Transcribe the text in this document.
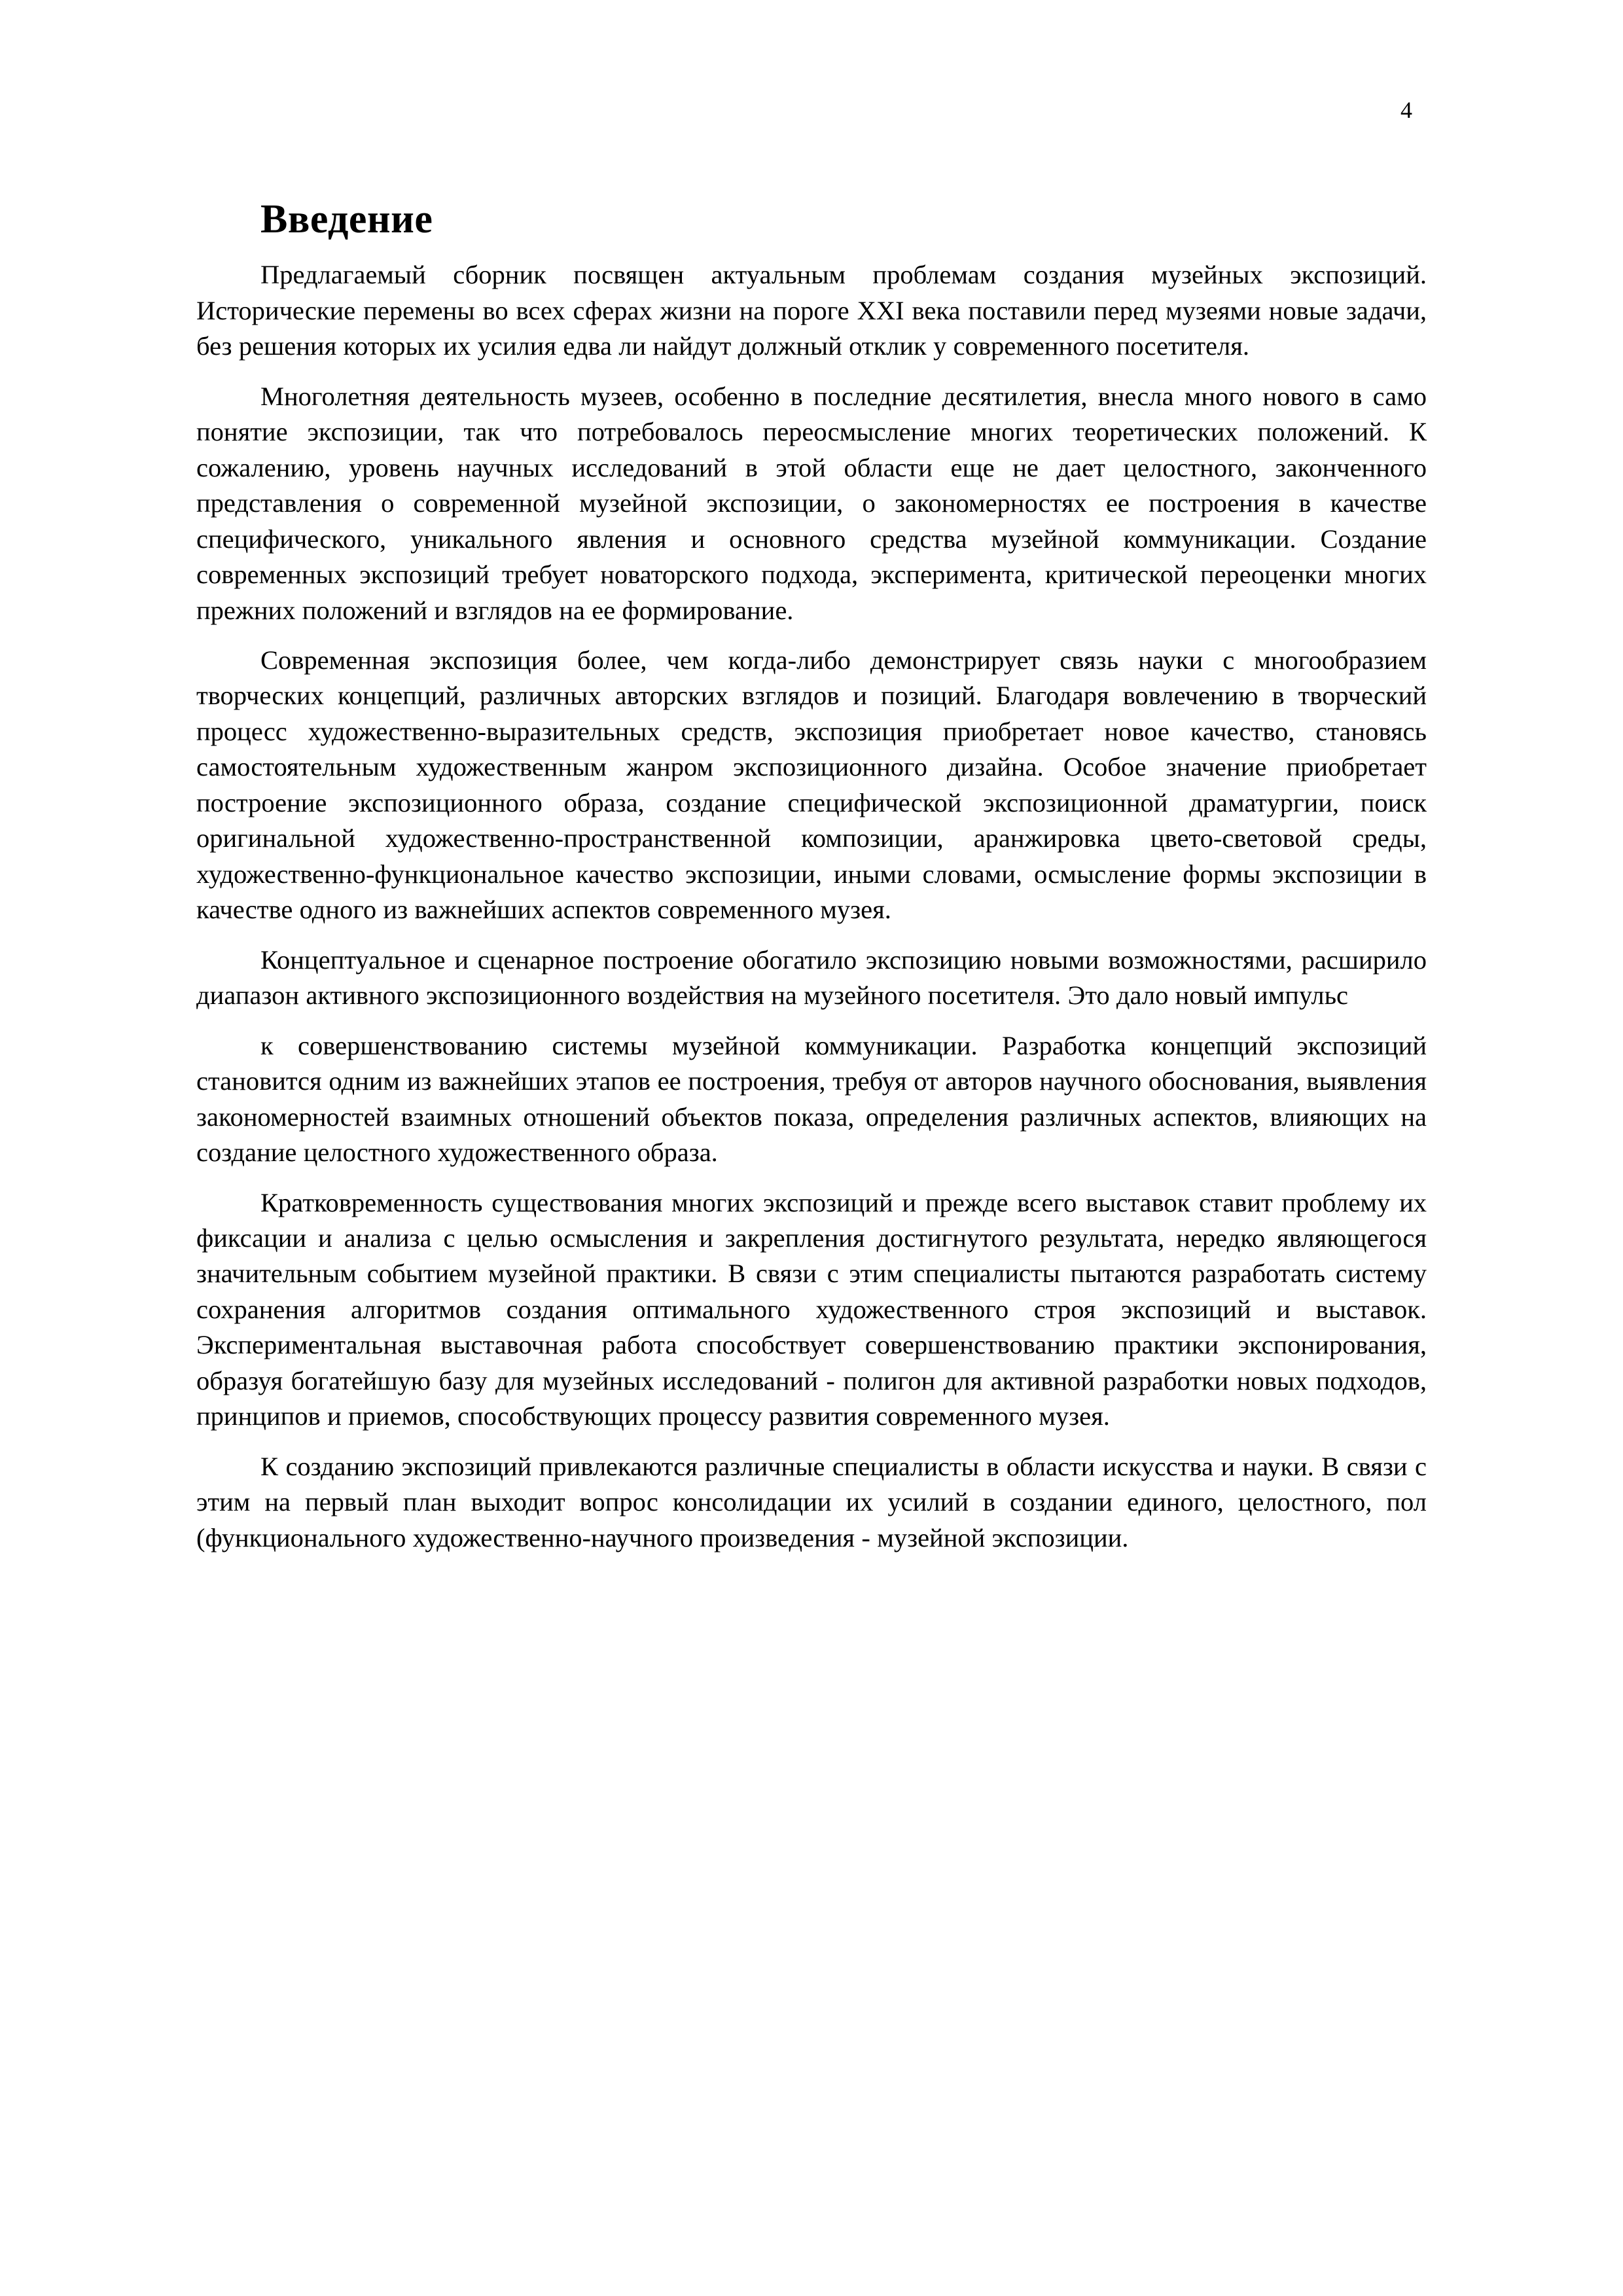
4
Введение

Предлагаемый сборник посвящен актуальным проблемам создания музейных экспозиций. Исторические перемены во всех сферах жизни на пороге XXI века поставили перед музеями новые задачи, без решения которых их усилия едва ли найдут должный отклик у современного посетителя.

Многолетняя деятельность музеев, особенно в последние десятилетия, внесла много нового в само понятие экспозиции, так что потребовалось переосмысление многих теоретических положений. К сожалению, уровень научных исследований в этой области еще не дает целостного, законченного представления о современной музейной экспозиции, о закономерностях ее построения в качестве специфического, уникального явления и основного средства музейной коммуникации. Создание современных экспозиций требует новаторского подхода, эксперимента, критической переоценки многих прежних положений и взглядов на ее формирование.

Современная экспозиция более, чем когда-либо демонстрирует связь науки с многообразием творческих концепций, различных авторских взглядов и позиций. Благодаря вовлечению в творческий процесс художественно-выразительных средств, экспозиция приобретает новое качество, становясь самостоятельным художественным жанром экспозиционного дизайна. Особое значение приобретает построение экспозиционного образа, создание специфической экспозиционной драматургии, поиск оригинальной художественно-пространственной композиции, аранжировка цвето-световой среды, художественно-функциональное качество экспозиции, иными словами, осмысление формы экспозиции в качестве одного из важнейших аспектов современного музея.

Концептуальное и сценарное построение обогатило экспозицию новыми возможностями, расширило диапазон активного экспозиционного воздействия на музейного посетителя. Это дало новый импульс

к совершенствованию системы музейной коммуникации. Разработка концепций экспозиций становится одним из важнейших этапов ее построения, требуя от авторов научного обоснования, выявления закономерностей взаимных отношений объектов показа, определения различных аспектов, влияющих на создание целостного художественного образа.

Кратковременность существования многих экспозиций и прежде всего выставок ставит проблему их фиксации и анализа с целью осмысления и закрепления достигнутого результата, нередко являющегося значительным событием музейной практики. В связи с этим специалисты пытаются разработать систему сохранения алгоритмов создания оптимального художественного строя экспозиций и выставок. Экспериментальная выставочная работа способствует совершенствованию практики экспонирования, образуя богатейшую базу для музейных исследований - полигон для активной разработки новых подходов, принципов и приемов, способствующих процессу развития современного музея.

К созданию экспозиций привлекаются различные специалисты в области искусства и науки. В связи с этим на первый план выходит вопрос консолидации их усилий в создании единого, целостного, пол (функционального художественно-научного произведения - музейной экспозиции.
